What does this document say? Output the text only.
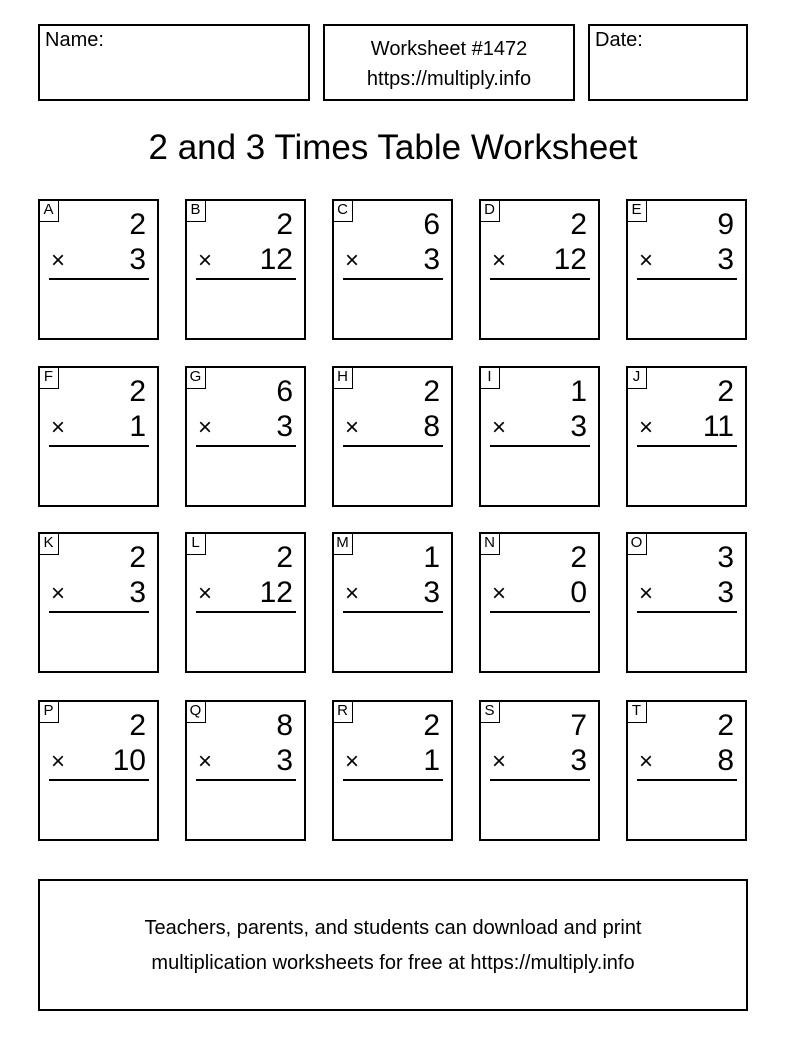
Name:	Worksheet #1472
https://multiply.info
Date:
2 and 3 Times Table Worksheet
A	2
× 3
B	2
× 12
C	6
× 3
D	2
× 12
E	9
× 3
F	2
× 1
G 6
× 3
H	2
× 8
I	1
× 3
J	2
× 11
K	2
× 3
L	2
× 12
M 1
× 3
N	2
× 0
O 3
× 3
P	2
× 10
Q 8
× 3
R	2
× 1
S	7
× 3
T	2
× 8
Teachers, parents, and students can download and print
multiplication worksheets for free at https://multiply.info
